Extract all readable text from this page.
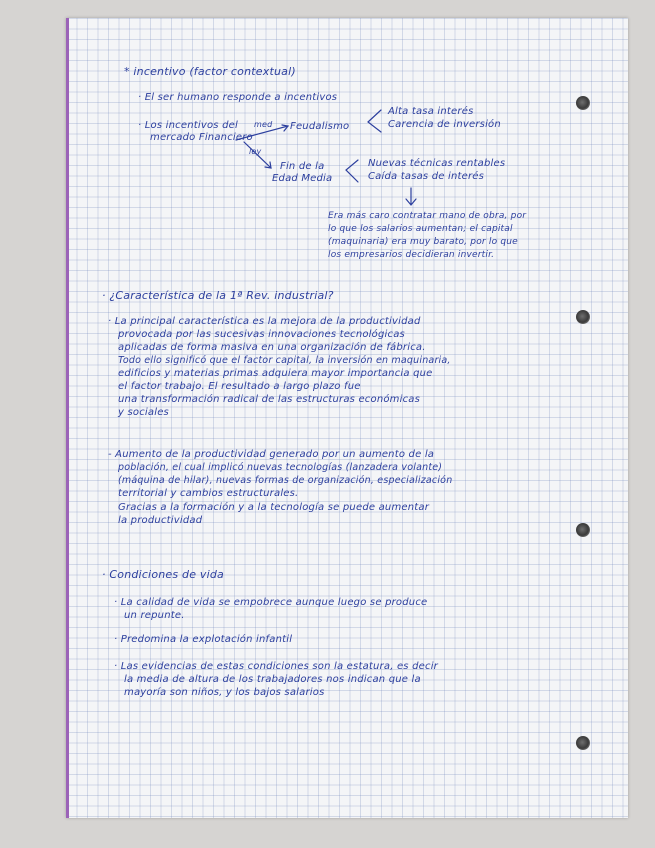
* incentivo (factor contextual)
· El ser humano responde a incentivos
· Los incentivos del
mercado Financiero
med
ley
Feudalismo
Alta tasa interés
Carencia de inversión
Fin de la
Edad Media
Nuevas técnicas rentables
Caída tasas de interés
Era más caro contratar mano de obra, por
lo que los salarios aumentan; el capital
(maquinaria) era muy barato, por lo que
los empresarios decidieran invertir.
· ¿Característica de la 1ª Rev. industrial?
· La principal característica es la mejora de la productividad
provocada por las sucesivas innovaciones tecnológicas
aplicadas de forma masiva en una organización de fábrica.
Todo ello significó que el factor capital, la inversión en maquinaria,
edificios y materias primas adquiera mayor importancia que
el factor trabajo. El resultado a largo plazo fue
una transformación radical de las estructuras económicas
y sociales
- Aumento de la productividad generado por un aumento de la
población, el cual implicó nuevas tecnologías (lanzadera volante)
(máquina de hilar), nuevas formas de organización, especialización
territorial y cambios estructurales.
Gracias a la formación y a la tecnología se puede aumentar
la productividad
· Condiciones de vida
· La calidad de vida se empobrece aunque luego se produce
un repunte.
· Predomina la explotación infantil
· Las evidencias de estas condiciones son la estatura, es decir
la media de altura de los trabajadores nos indican que la
mayoría son niños, y los bajos salarios
